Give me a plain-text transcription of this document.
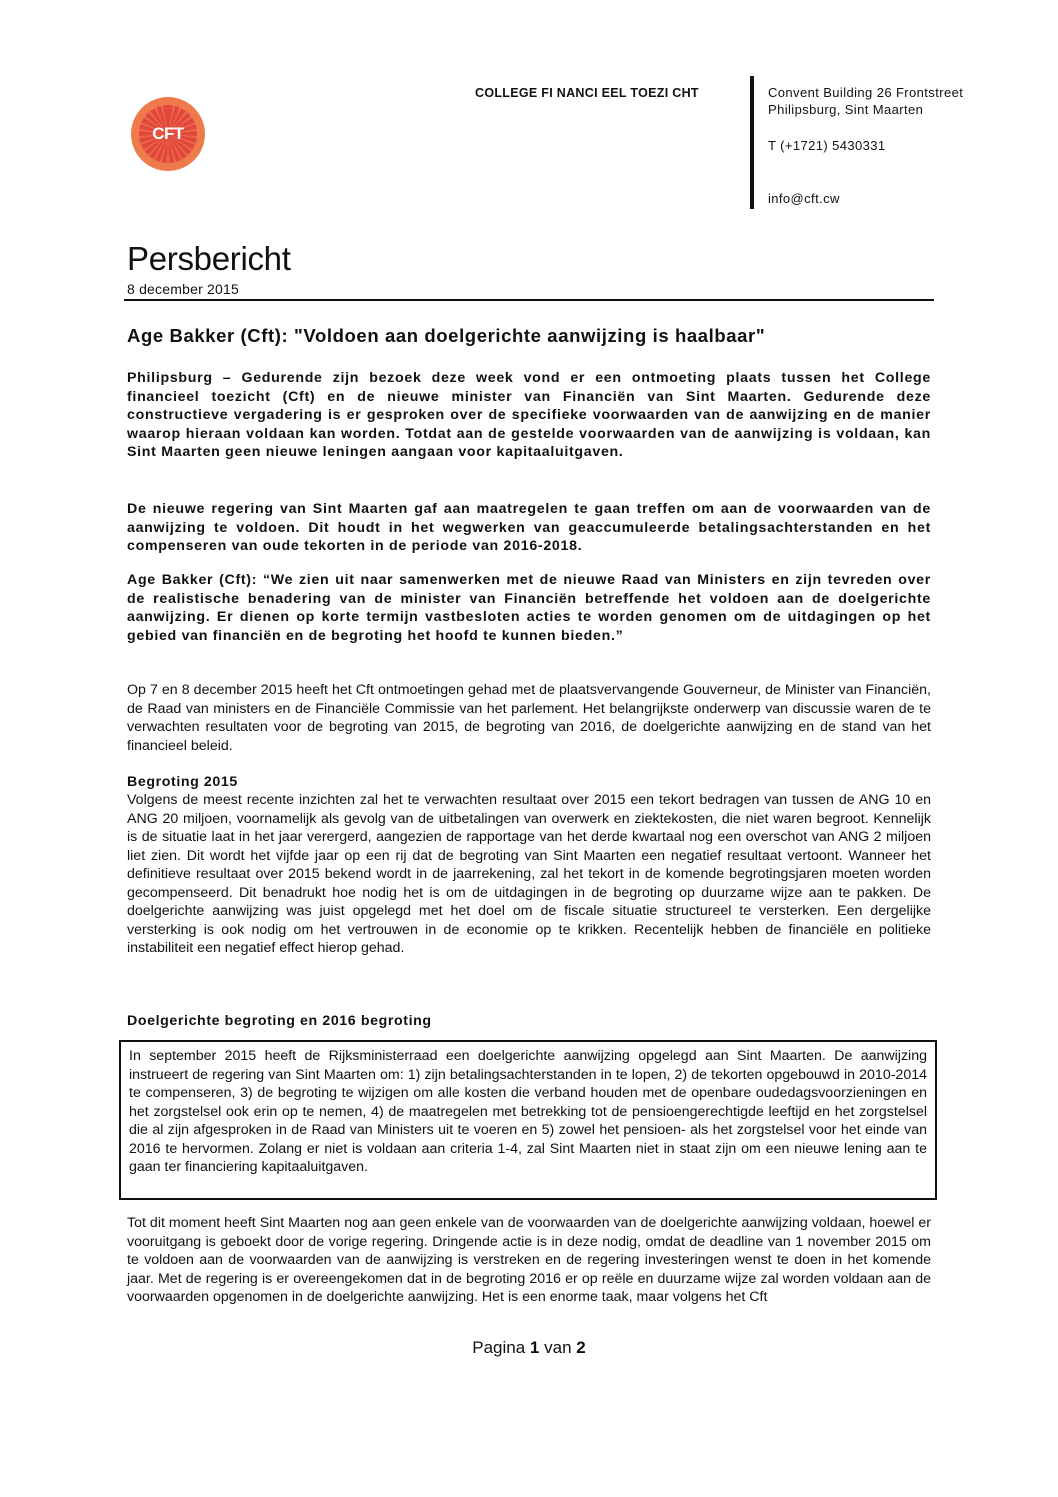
CFT
COLLEGE FI NANCI EEL TOEZI CHT	Convent Building 26 Frontstreet
Philipsburg, Sint Maarten
T (+1721) 5430331
info@cft.cw
Persbericht
8 december 2015
Age Bakker (Cft): "Voldoen aan doelgerichte aanwijzing is haalbaar"
Philipsburg – Gedurende zijn bezoek deze week vond er een ontmoeting plaats tussen het College financieel toezicht (Cft) en de nieuwe minister van Financiën van Sint Maarten. Gedurende deze constructieve vergadering is er gesproken over de specifieke voorwaarden van de aanwijzing en de manier waarop hieraan voldaan kan worden. Totdat aan de gestelde voorwaarden van de aanwijzing is voldaan, kan Sint Maarten geen nieuwe leningen aangaan voor kapitaaluitgaven.
De nieuwe regering van Sint Maarten gaf aan maatregelen te gaan treffen om aan de voorwaarden van de aanwijzing te voldoen. Dit houdt in het wegwerken van geaccumuleerde betalingsachterstanden en het compenseren van oude tekorten in de periode van 2016-2018.
Age Bakker (Cft): “We zien uit naar samenwerken met de nieuwe Raad van Ministers en zijn tevreden over de realistische benadering van de minister van Financiën betreffende het voldoen aan de doelgerichte aanwijzing. Er dienen op korte termijn vastbesloten acties te worden genomen om de uitdagingen op het gebied van financiën en de begroting het hoofd te kunnen bieden.”
Op 7 en 8 december 2015 heeft het Cft ontmoetingen gehad met de plaatsvervangende Gouverneur, de Minister van Financiën, de Raad van ministers en de Financiële Commissie van het parlement. Het belangrijkste onderwerp van discussie waren de te verwachten resultaten voor de begroting van 2015, de begroting van 2016, de doelgerichte aanwijzing en de stand van het financieel beleid.
Begroting 2015
Volgens de meest recente inzichten zal het te verwachten resultaat over 2015 een tekort bedragen van tussen de ANG 10 en ANG 20 miljoen, voornamelijk als gevolg van de uitbetalingen van overwerk en ziektekosten, die niet waren begroot. Kennelijk is de situatie laat in het jaar verergerd, aangezien de rapportage van het derde kwartaal nog een overschot van ANG 2 miljoen liet zien. Dit wordt het vijfde jaar op een rij dat de begroting van Sint Maarten een negatief resultaat vertoont. Wanneer het definitieve resultaat over 2015 bekend wordt in de jaarrekening, zal het tekort in de komende begrotingsjaren moeten worden gecompenseerd. Dit benadrukt hoe nodig het is om de uitdagingen in de begroting op duurzame wijze aan te pakken. De doelgerichte aanwijzing was juist opgelegd met het doel om de fiscale situatie structureel te versterken. Een dergelijke versterking is ook nodig om het vertrouwen in de economie op te krikken. Recentelijk hebben de financiële en politieke instabiliteit een negatief effect hierop gehad.
Doelgerichte begroting en 2016 begroting
In september 2015 heeft de Rijksministerraad een doelgerichte aanwijzing opgelegd aan Sint Maarten. De aanwijzing instrueert de regering van Sint Maarten om: 1) zijn betalingsachterstanden in te lopen, 2) de tekorten opgebouwd in 2010-2014 te compenseren, 3) de begroting te wijzigen om alle kosten die verband houden met de openbare oudedagsvoorzieningen en het zorgstelsel ook erin op te nemen, 4) de maatregelen met betrekking tot de pensioengerechtigde leeftijd en het zorgstelsel die al zijn afgesproken in de Raad van Ministers uit te voeren en 5) zowel het pensioen- als het zorgstelsel voor het einde van 2016 te hervormen. Zolang er niet is voldaan aan criteria 1-4, zal Sint Maarten niet in staat zijn om een nieuwe lening aan te gaan ter financiering kapitaaluitgaven.
Tot dit moment heeft Sint Maarten nog aan geen enkele van de voorwaarden van de doelgerichte aanwijzing voldaan, hoewel er vooruitgang is geboekt door de vorige regering. Dringende actie is in deze nodig, omdat de deadline van 1 november 2015 om te voldoen aan de voorwaarden van de aanwijzing is verstreken en de regering investeringen wenst te doen in het komende jaar. Met de regering is er overeengekomen dat in de begroting 2016 er op reële en duurzame wijze zal worden voldaan aan de voorwaarden opgenomen in de doelgerichte aanwijzing. Het is een enorme taak, maar volgens het Cft
Pagina 1 van 2
